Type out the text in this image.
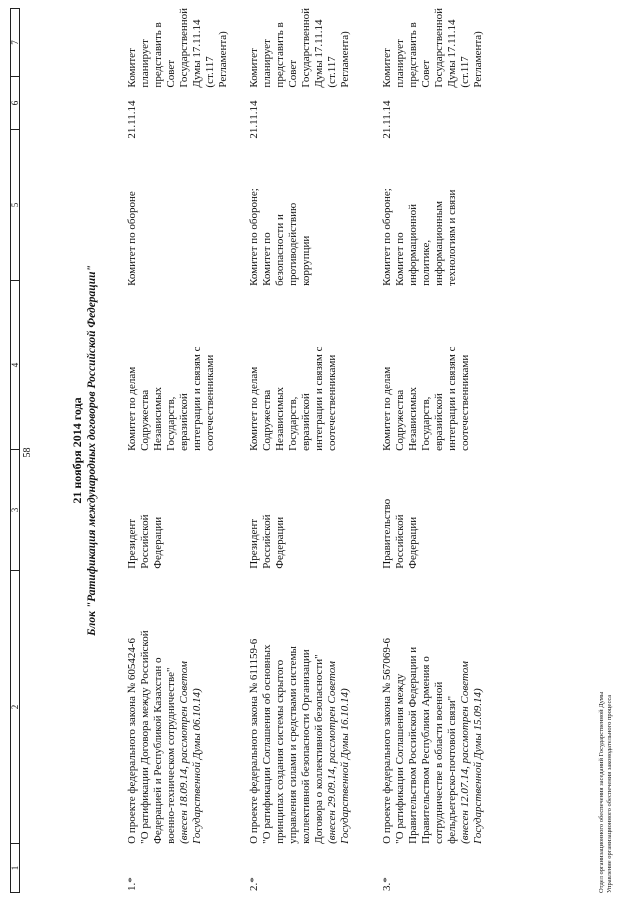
58
1	2	3	4	5	6	7
21 ноября 2014 года Блок "Ратификация международных договоров Российской Федерации"
1.*
О проекте федерального закона № 605424-6 "О ратификации Договора между Российской Федерацией и Республикой Казахстан о военно-техническом сотрудничестве" (внесен 18.09.14, рассмотрен Советом Государственной Думы 06.10.14)
Президент Российской Федерации
Комитет по делам Содружества Независимых Государств, евразийской интеграции и связям с соотечественниками
Комитет по обороне
21.11.14
Комитет планирует представить в Совет Государственной Думы 17.11.14 (ст.117 Регламента)
2.*
О проекте федерального закона № 611159-6 "О ратификации Соглашения об основных принципах создания системы скрытого управления силами и средствами системы коллективной безопасности Организации Договора о коллективной безопасности" (внесен 29.09.14, рассмотрен Советом Государственной Думы 16.10.14)
Президент Российской Федерации
Комитет по делам Содружества Независимых Государств, евразийской интеграции и связям с соотечественниками
Комитет по обороне; Комитет по безопасности и противодействию коррупции
21.11.14
Комитет планирует представить в Совет Государственной Думы 17.11.14 (ст.117 Регламента)
3.*
О проекте федерального закона № 567069-6 "О ратификации Соглашения между Правительством Российской Федерации и Правительством Республики Армения о сотрудничестве в области военной фельдъегерско-почтовой связи" (внесен 12.07.14, рассмотрен Советом Государственной Думы 15.09.14)
Правительство Российской Федерации
Комитет по делам Содружества Независимых Государств, евразийской интеграции и связям с соотечественниками
Комитет по обороне; Комитет по информационной политике, информационным технологиям и связи
21.11.14
Комитет планирует представить в Совет Государственной Думы 17.11.14 (ст.117 Регламента)
Отдел организационного обеспечения заседаний Государственной Думы Управление организационного обеспечения законодательного процесса
